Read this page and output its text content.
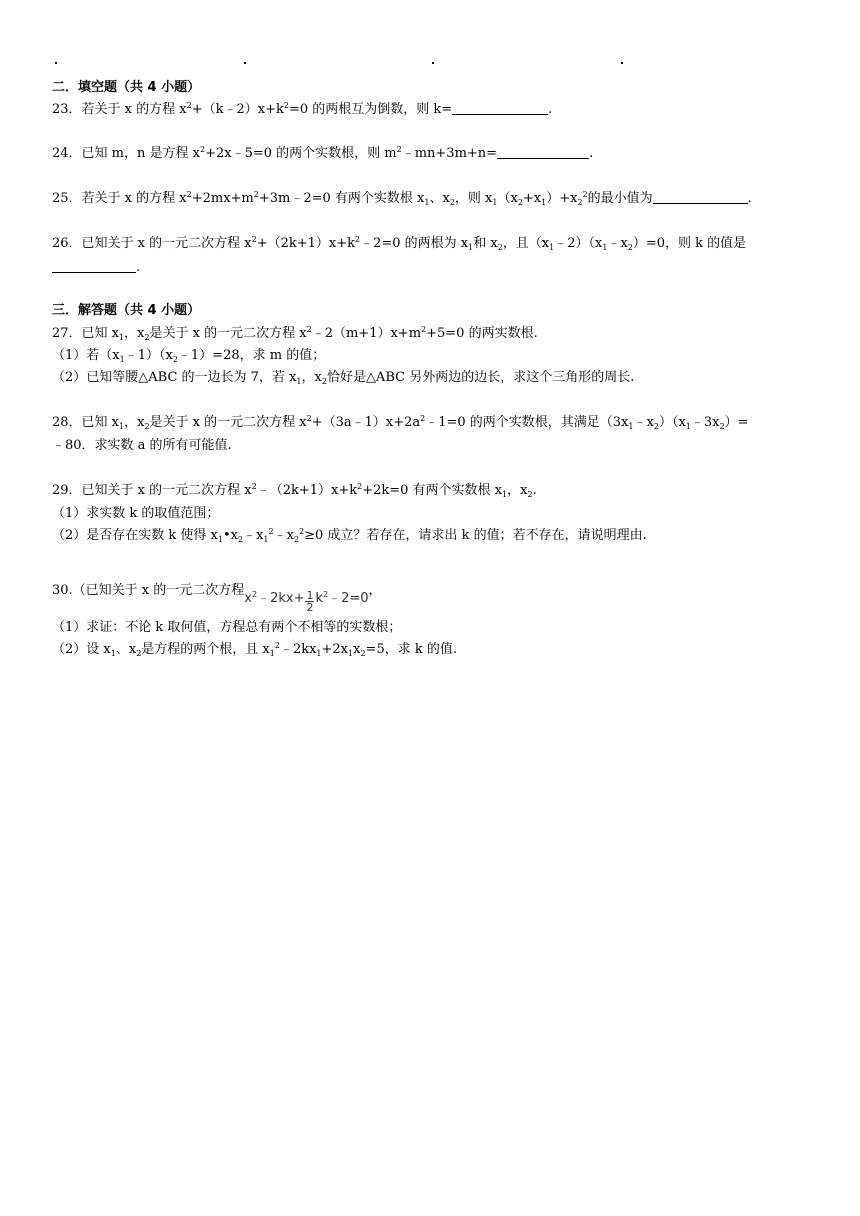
二．填空题（共 4 小题）
23．若关于 x 的方程 $x^2+(k﹣2)x+k^2=0$ 的两根互为倒数，则 k=	.
24．已知 m，n 是方程 $x^2+2x﹣5=0$ 的两个实数根，则 $m^2﹣mn+3m+n=$	.
25．若关于 x 的方程 $x^2+2mx+m^2+3m﹣2=0$ 有两个实数根 $x_1$、$x_2$，则 $x_1(x_2+x_1)+x_2^2$的最小值为	.
26．已知关于 x 的一元二次方程 $x^2+(2k+1)x+k^2﹣2=0$ 的两根为 $x_1$和 $x_2$，且$(x_1﹣2)(x_1﹣x_2)=0$，则 k 的值是
.
三．解答题（共 4 小题）
27．已知 $x_1$，$x_2$是关于 x 的一元二次方程 $x^2﹣2(m+1)x+m^2+5=0$ 的两实数根.
（1）若$(x_1﹣1)(x_2﹣1)=28$，求 m 的值；
（2）已知等腰△ABC 的一边长为 7，若 $x_1$，$x_2$恰好是△ABC 另外两边的边长，求这个三角形的周长.
28．已知 $x_1$，$x_2$是关于 x 的一元二次方程 $x^2+(3a﹣1)x+2a^2﹣1=0$ 的两个实数根，其满足$(3x_1﹣x_2)(x_1﹣3x_2)=$
﹣80．求实数 a 的所有可能值.
29．已知关于 x 的一元二次方程 $x^2﹣(2k+1)x+k^2+2k=0$ 有两个实数根 $x_1$，$x_2$.
（1）求实数 k 的取值范围；
（2）是否存在实数 k 使得 $x_1•x_2﹣x_1^2﹣x_2^2\ge 0$ 成立？若存在，请求出 k 的值；若不存在，请说明理由.
30.（已知关于 x 的一元二次方程$x^2﹣2kx+ \frac{1}{2}$ $k^2﹣2=0$，
（1）求证：不论 k 取何值，方程总有两个不相等的实数根；
（2）设 $x_1$、$x_2$是方程的两个根，且 $x_1^2﹣2kx_1+2x_1x_2=5$，求 k 的值.
